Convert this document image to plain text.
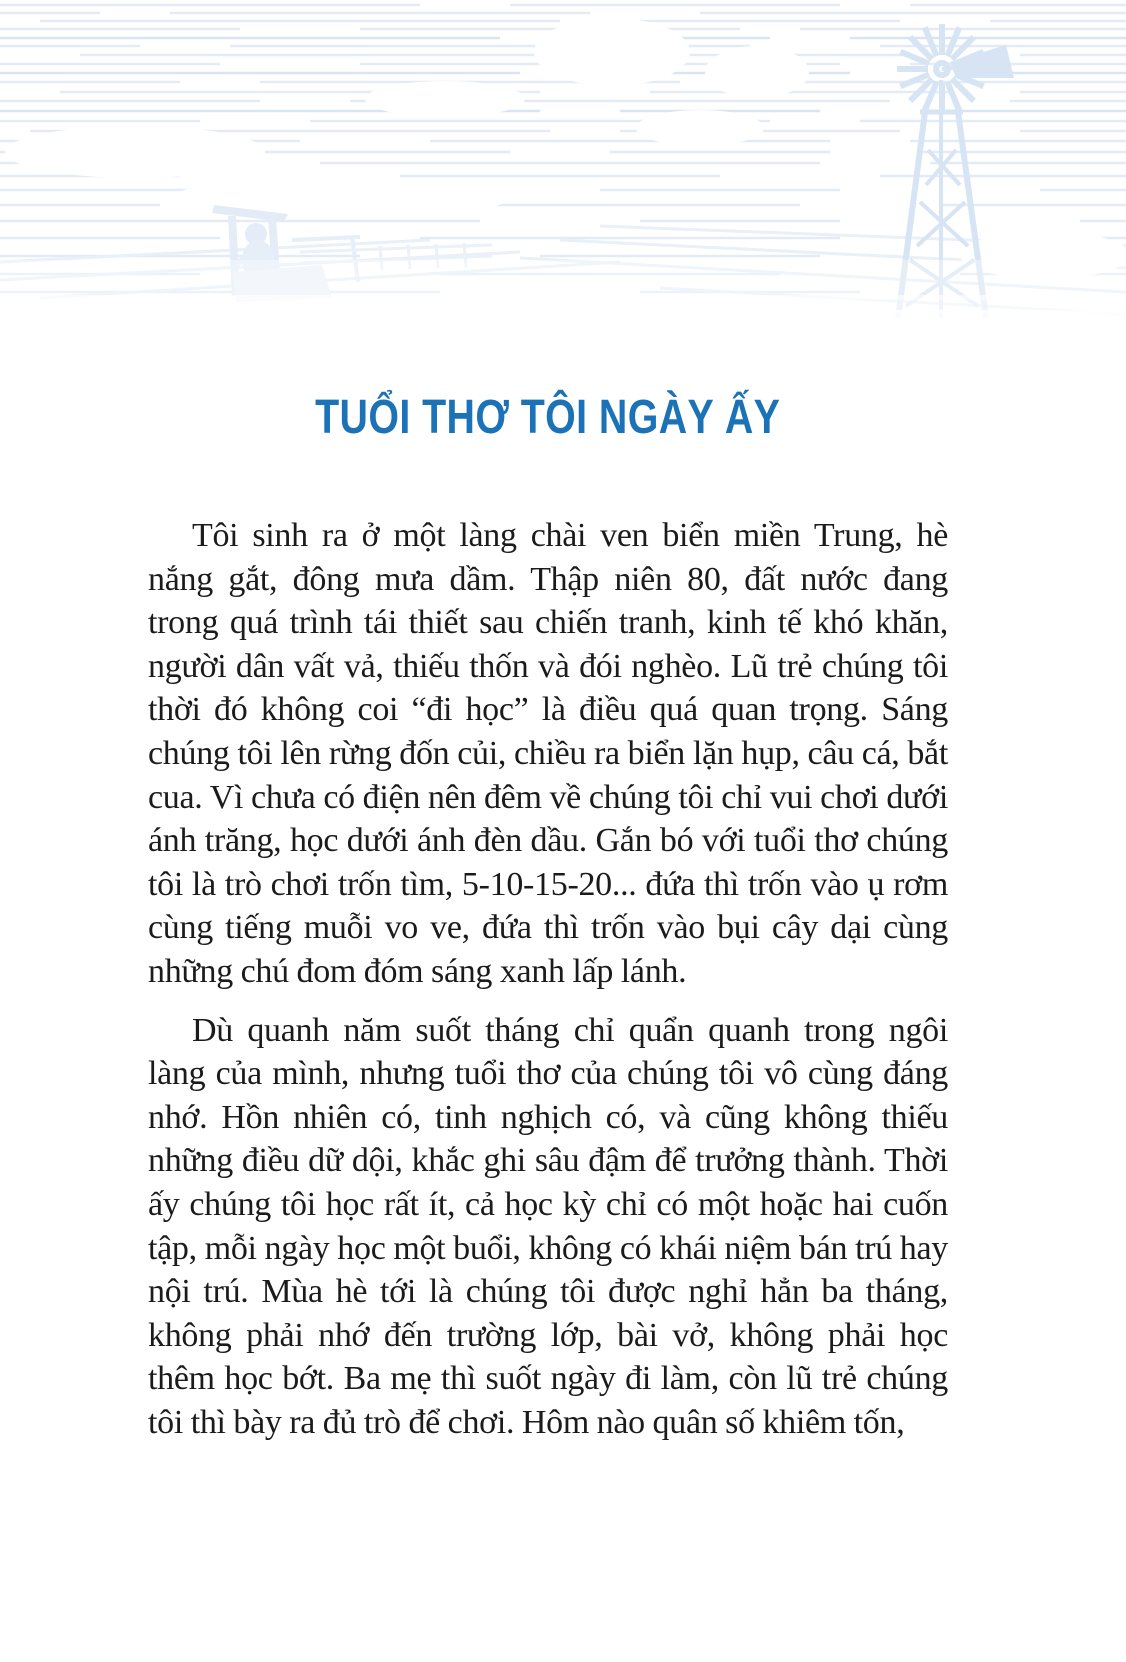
TUỔI THƠ TÔI NGÀY ẤY

Tôi sinh ra ở một làng chài ven biển miền Trung, hè nắng gắt, đông mưa dầm. Thập niên 80, đất nước đang trong quá trình tái thiết sau chiến tranh, kinh tế khó khăn, người dân vất vả, thiếu thốn và đói nghèo. Lũ trẻ chúng tôi thời đó không coi “đi học” là điều quá quan trọng. Sáng chúng tôi lên rừng đốn củi, chiều ra biển lặn hụp, câu cá, bắt cua. Vì chưa có điện nên đêm về chúng tôi chỉ vui chơi dưới ánh trăng, học dưới ánh đèn dầu. Gắn bó với tuổi thơ chúng tôi là trò chơi trốn tìm, 5-10-15-20... đứa thì trốn vào ụ rơm cùng tiếng muỗi vo ve, đứa thì trốn vào bụi cây dại cùng những chú đom đóm sáng xanh lấp lánh.

Dù quanh năm suốt tháng chỉ quẩn quanh trong ngôi làng của mình, nhưng tuổi thơ của chúng tôi vô cùng đáng nhớ. Hồn nhiên có, tinh nghịch có, và cũng không thiếu những điều dữ dội, khắc ghi sâu đậm để trưởng thành. Thời ấy chúng tôi học rất ít, cả học kỳ chỉ có một hoặc hai cuốn tập, mỗi ngày học một buổi, không có khái niệm bán trú hay nội trú. Mùa hè tới là chúng tôi được nghỉ hẳn ba tháng, không phải nhớ đến trường lớp, bài vở, không phải học thêm học bớt. Ba mẹ thì suốt ngày đi làm, còn lũ trẻ chúng tôi thì bày ra đủ trò để chơi. Hôm nào quân số khiêm tốn,
